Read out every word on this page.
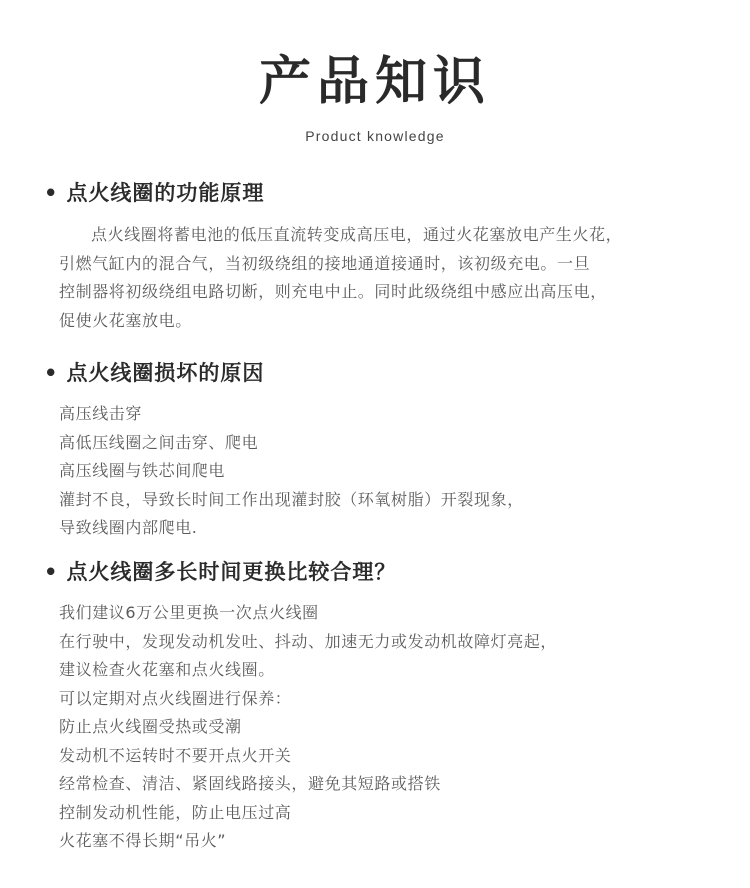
产品知识
Product knowledge
• 点火线圈的功能原理
点火线圈将蓄电池的低压直流转变成高压电，通过火花塞放电产生火花，
引燃气缸内的混合气，当初级绕组的接地通道接通时，该初级充电。一旦
控制器将初级绕组电路切断，则充电中止。同时此级绕组中感应出高压电，
促使火花塞放电。
• 点火线圈损坏的原因
高压线击穿
高低压线圈之间击穿、爬电
高压线圈与铁芯间爬电
灌封不良，导致长时间工作出现灌封胶（环氧树脂）开裂现象，
导致线圈内部爬电.
• 点火线圈多长时间更换比较合理？
我们建议6万公里更换一次点火线圈
在行驶中，发现发动机发吐、抖动、加速无力或发动机故障灯亮起，
建议检查火花塞和点火线圈。
可以定期对点火线圈进行保养：
防止点火线圈受热或受潮
发动机不运转时不要开点火开关
经常检查、清洁、紧固线路接头，避免其短路或搭铁
控制发动机性能，防止电压过高
火花塞不得长期“吊火”
